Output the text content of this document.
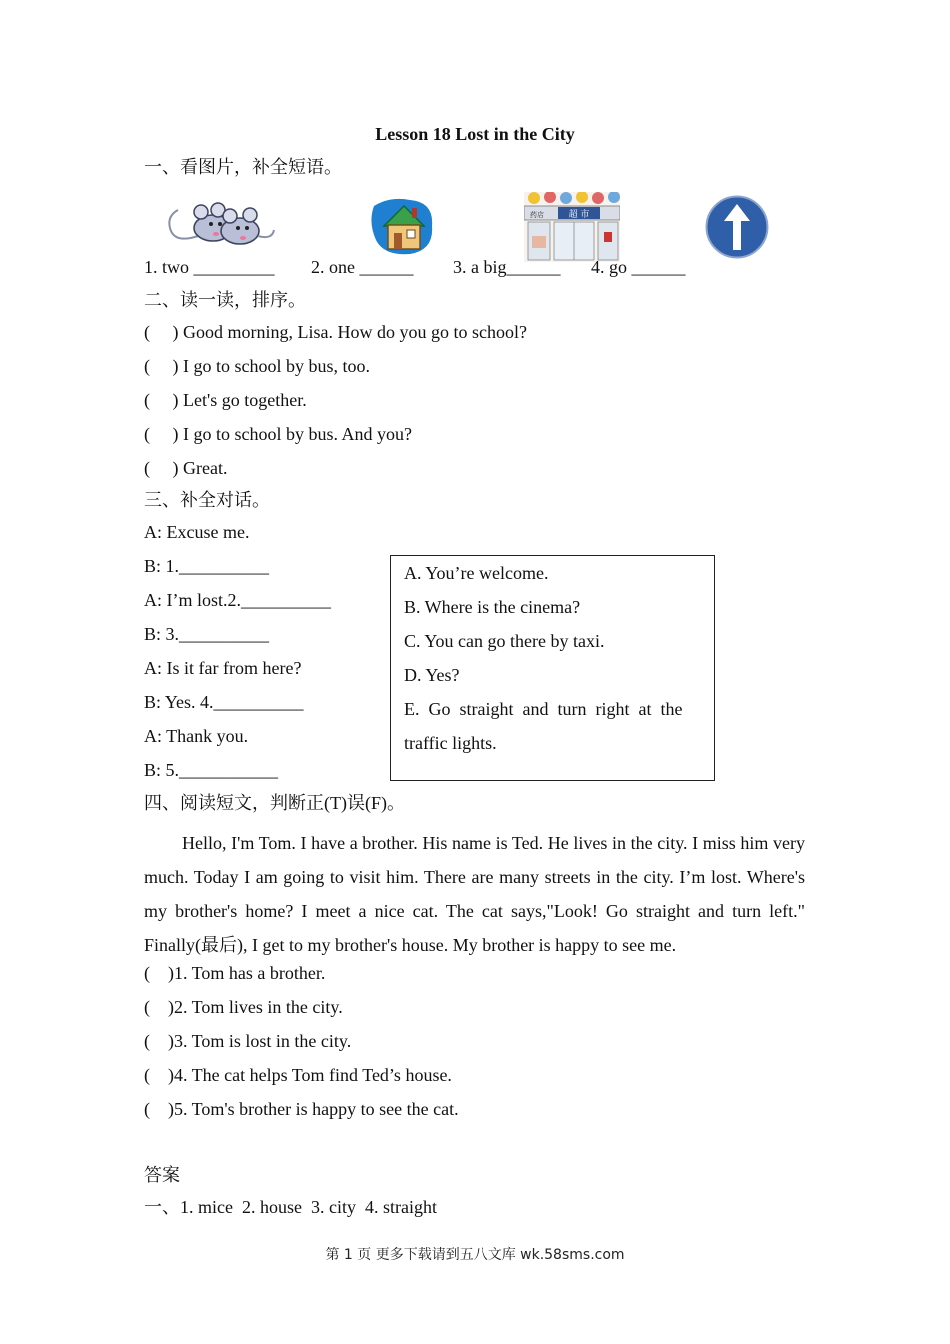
Lesson 18 Lost in the City
一、看图片，补全短语。
超 市
药店
1. two _________ 2. one ______ 3. a big______ 4. go ______
二、读一读，排序。
(     ) Good morning, Lisa. How do you go to school?
(     ) I go to school by bus, too.
(     ) Let's go together.
(     ) I go to school by bus. And you?
(     ) Great.
三、补全对话。
A: Excuse me.
B: 1.__________
A: I’m lost.2.__________
B: 3.__________
A: Is it far from here?
B: Yes. 4.__________
A: Thank you.
B: 5.___________
A. You’re welcome.
B. Where is the cinema?
C. You can go there by taxi.
D. Yes?
E.  Go  straight  and  turn  right  at  the
traffic lights.
四、阅读短文，判断正(T)误(F)。
Hello, I'm Tom. I have a brother. His name is Ted. He lives in the city. I miss him very much. Today I am going to visit him. There are many streets in the city. I’m lost. Where's my brother's home? I meet a nice cat. The cat says,"Look! Go straight and turn left." Finally(最后), I get to my brother's house. My brother is happy to see me.
(    )1. Tom has a brother.
(    )2. Tom lives in the city.
(    )3. Tom is lost in the city.
(    )4. The cat helps Tom find Ted’s house.
(    )5. Tom's brother is happy to see the cat.
答案
一、1. mice  2. house  3. city  4. straight
第 1 页 更多下载请到五八文库 wk.58sms.com
